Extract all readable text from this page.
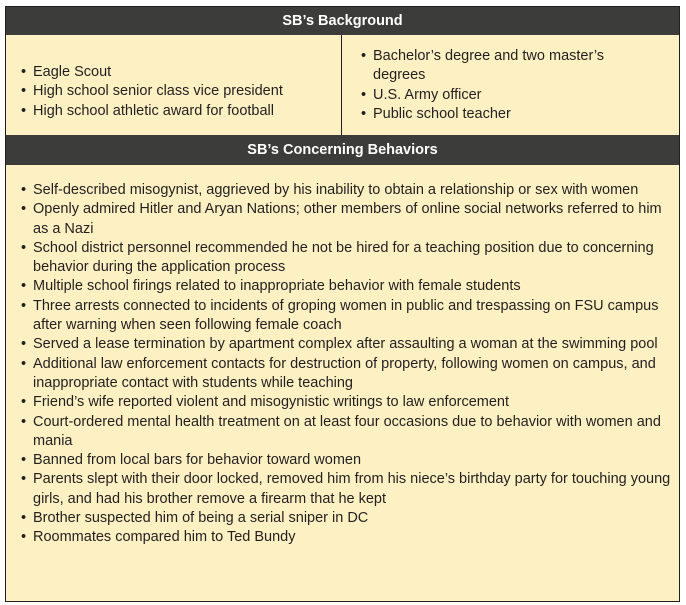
SB’s Background
• Eagle Scout
• High school senior class vice president
• High school athletic award for football
• Bachelor’s degree and two master’s degrees
• U.S. Army officer
• Public school teacher
SB’s Concerning Behaviors
• Self-described misogynist, aggrieved by his inability to obtain a relationship or sex with women
• Openly admired Hitler and Aryan Nations; other members of online social networks referred to him as a Nazi
• School district personnel recommended he not be hired for a teaching position due to concerning behavior during the application process
• Multiple school firings related to inappropriate behavior with female students
• Three arrests connected to incidents of groping women in public and trespassing on FSU campus after warning when seen following female coach
• Served a lease termination by apartment complex after assaulting a woman at the swimming pool
• Additional law enforcement contacts for destruction of property, following women on campus, and inappropriate contact with students while teaching
• Friend’s wife reported violent and misogynistic writings to law enforcement
• Court-ordered mental health treatment on at least four occasions due to behavior with women and mania
• Banned from local bars for behavior toward women
• Parents slept with their door locked, removed him from his niece’s birthday party for touching young girls, and had his brother remove a firearm that he kept
• Brother suspected him of being a serial sniper in DC
• Roommates compared him to Ted Bundy
